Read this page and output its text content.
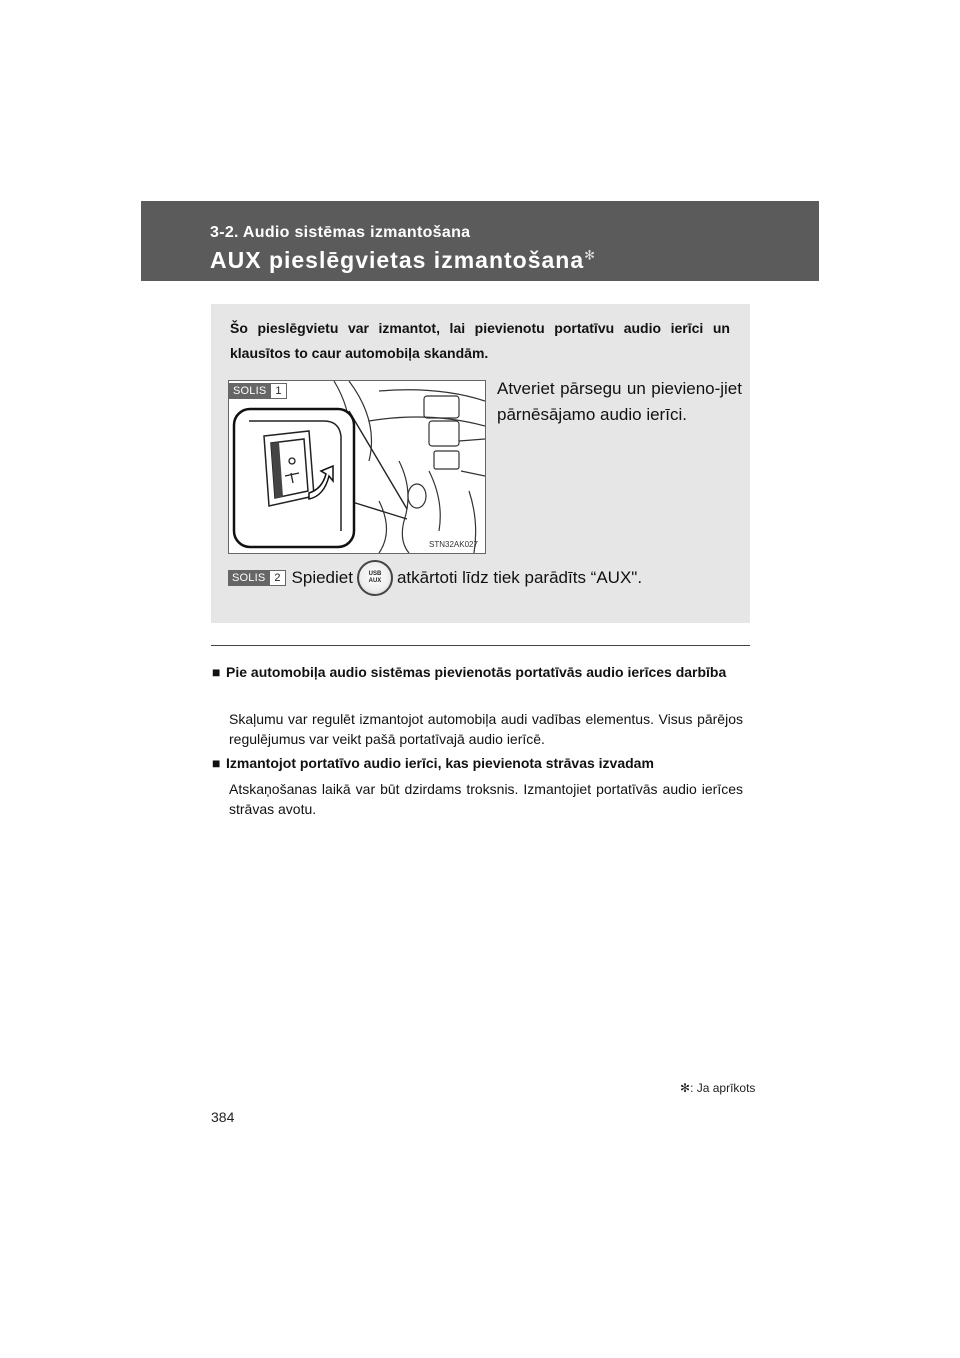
3-2. Audio sistēmas izmantošana
AUX pieslēgvietas izmantošana✻
Šo pieslēgvietu var izmantot, lai pievienotu portatīvu audio ierīci un klausītos to caur automobiļa skandām.
STN32AK027
SOLIS 1	Atveriet pārsegu un pievieno-jiet pārnēsājamo audio ierīci.
SOLIS 2 Spiediet	USB
AUX atkārtoti līdz tiek parādīts “AUX".
■ Pie automobiļa audio sistēmas pievienotās portatīvās audio ierīces darbība
Skaļumu var regulēt izmantojot automobiļa audi vadības elementus. Visus pārējos regulējumus var veikt pašā portatīvajā audio ierīcē.
■ Izmantojot portatīvo audio ierīci, kas pievienota strāvas izvadam
Atskaņošanas laikā var būt dzirdams troksnis. Izmantojiet portatīvās audio ierīces strāvas avotu.
✻: Ja aprīkots
384
